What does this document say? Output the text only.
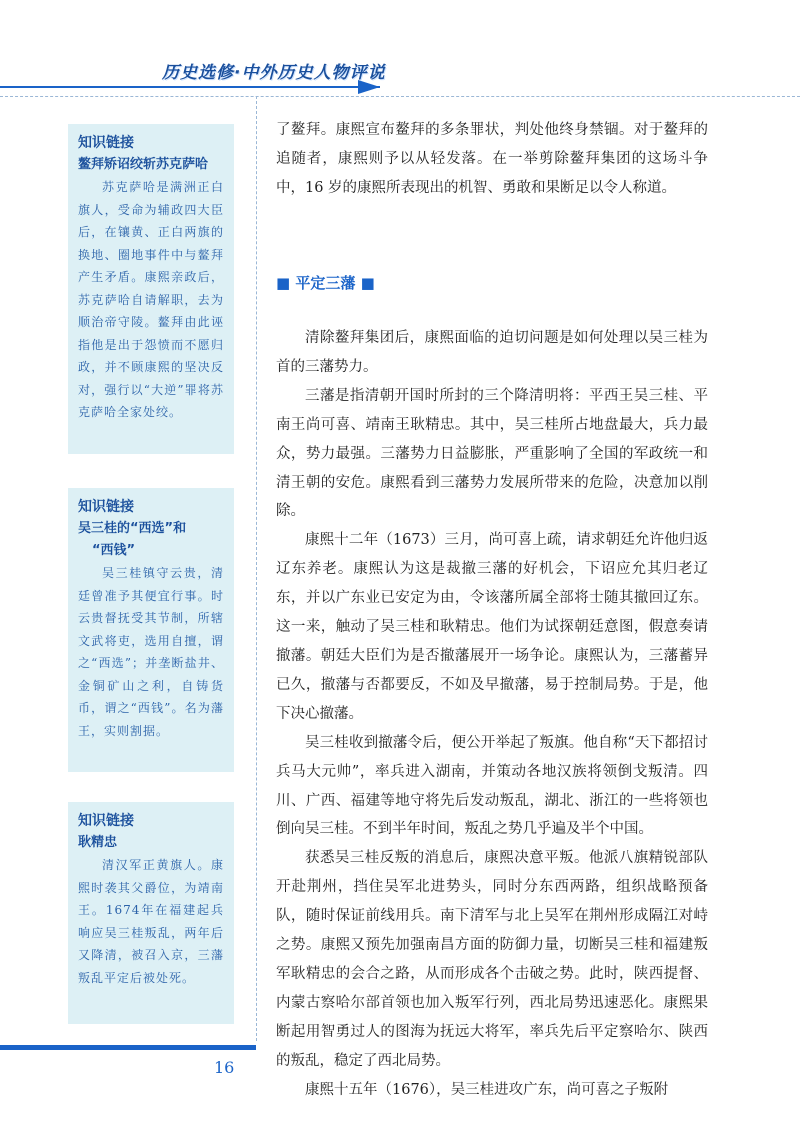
历史选修·中外历史人物评说
知识链接
鳌拜矫诏绞斩苏克萨哈
苏克萨哈是满洲正白旗人，受命为辅政四大臣后，在镶黄、正白两旗的换地、圈地事件中与鳌拜产生矛盾。康熙亲政后，苏克萨哈自请解职，去为顺治帝守陵。鳌拜由此诬指他是出于怨愤而不愿归政，并不顾康熙的坚决反对，强行以“大逆”罪将苏克萨哈全家处绞。
知识链接
吴三桂的“西选”和
“西钱”
吴三桂镇守云贵，清廷曾准予其便宜行事。时云贵督抚受其节制，所辖文武将吏，选用自擅，谓之“西选”；并垄断盐井、金铜矿山之利，自铸货币，谓之“西钱”。名为藩王，实则割据。
知识链接
耿精忠
清汉军正黄旗人。康熙时袭其父爵位，为靖南王。1674年在福建起兵响应吴三桂叛乱，两年后又降清，被召入京，三藩叛乱平定后被处死。

了鳌拜。康熙宣布鳌拜的多条罪状，判处他终身禁锢。对于鳌拜的追随者，康熙则予以从轻发落。在一举剪除鳌拜集团的这场斗争中，16 岁的康熙所表现出的机智、勇敢和果断足以令人称道。

■ 平定三藩 ■

清除鳌拜集团后，康熙面临的迫切问题是如何处理以吴三桂为首的三藩势力。

三藩是指清朝开国时所封的三个降清明将：平西王吴三桂、平南王尚可喜、靖南王耿精忠。其中，吴三桂所占地盘最大，兵力最众，势力最强。三藩势力日益膨胀，严重影响了全国的军政统一和清王朝的安危。康熙看到三藩势力发展所带来的危险，决意加以削除。

康熙十二年（1673）三月，尚可喜上疏，请求朝廷允许他归返辽东养老。康熙认为这是裁撤三藩的好机会，下诏应允其归老辽东，并以广东业已安定为由，令该藩所属全部将士随其撤回辽东。这一来，触动了吴三桂和耿精忠。他们为试探朝廷意图，假意奏请撤藩。朝廷大臣们为是否撤藩展开一场争论。康熙认为，三藩蓄异已久，撤藩与否都要反，不如及早撤藩，易于控制局势。于是，他下决心撤藩。

吴三桂收到撤藩令后，便公开举起了叛旗。他自称“天下都招讨兵马大元帅”，率兵进入湖南，并策动各地汉族将领倒戈叛清。四川、广西、福建等地守将先后发动叛乱，湖北、浙江的一些将领也倒向吴三桂。不到半年时间，叛乱之势几乎遍及半个中国。

获悉吴三桂反叛的消息后，康熙决意平叛。他派八旗精锐部队开赴荆州，挡住吴军北进势头，同时分东西两路，组织战略预备队，随时保证前线用兵。南下清军与北上吴军在荆州形成隔江对峙之势。康熙又预先加强南昌方面的防御力量，切断吴三桂和福建叛军耿精忠的会合之路，从而形成各个击破之势。此时，陕西提督、内蒙古察哈尔部首领也加入叛军行列，西北局势迅速恶化。康熙果断起用智勇过人的图海为抚远大将军，率兵先后平定察哈尔、陕西的叛乱，稳定了西北局势。

康熙十五年（1676），吴三桂进攻广东，尚可喜之子叛附

16
